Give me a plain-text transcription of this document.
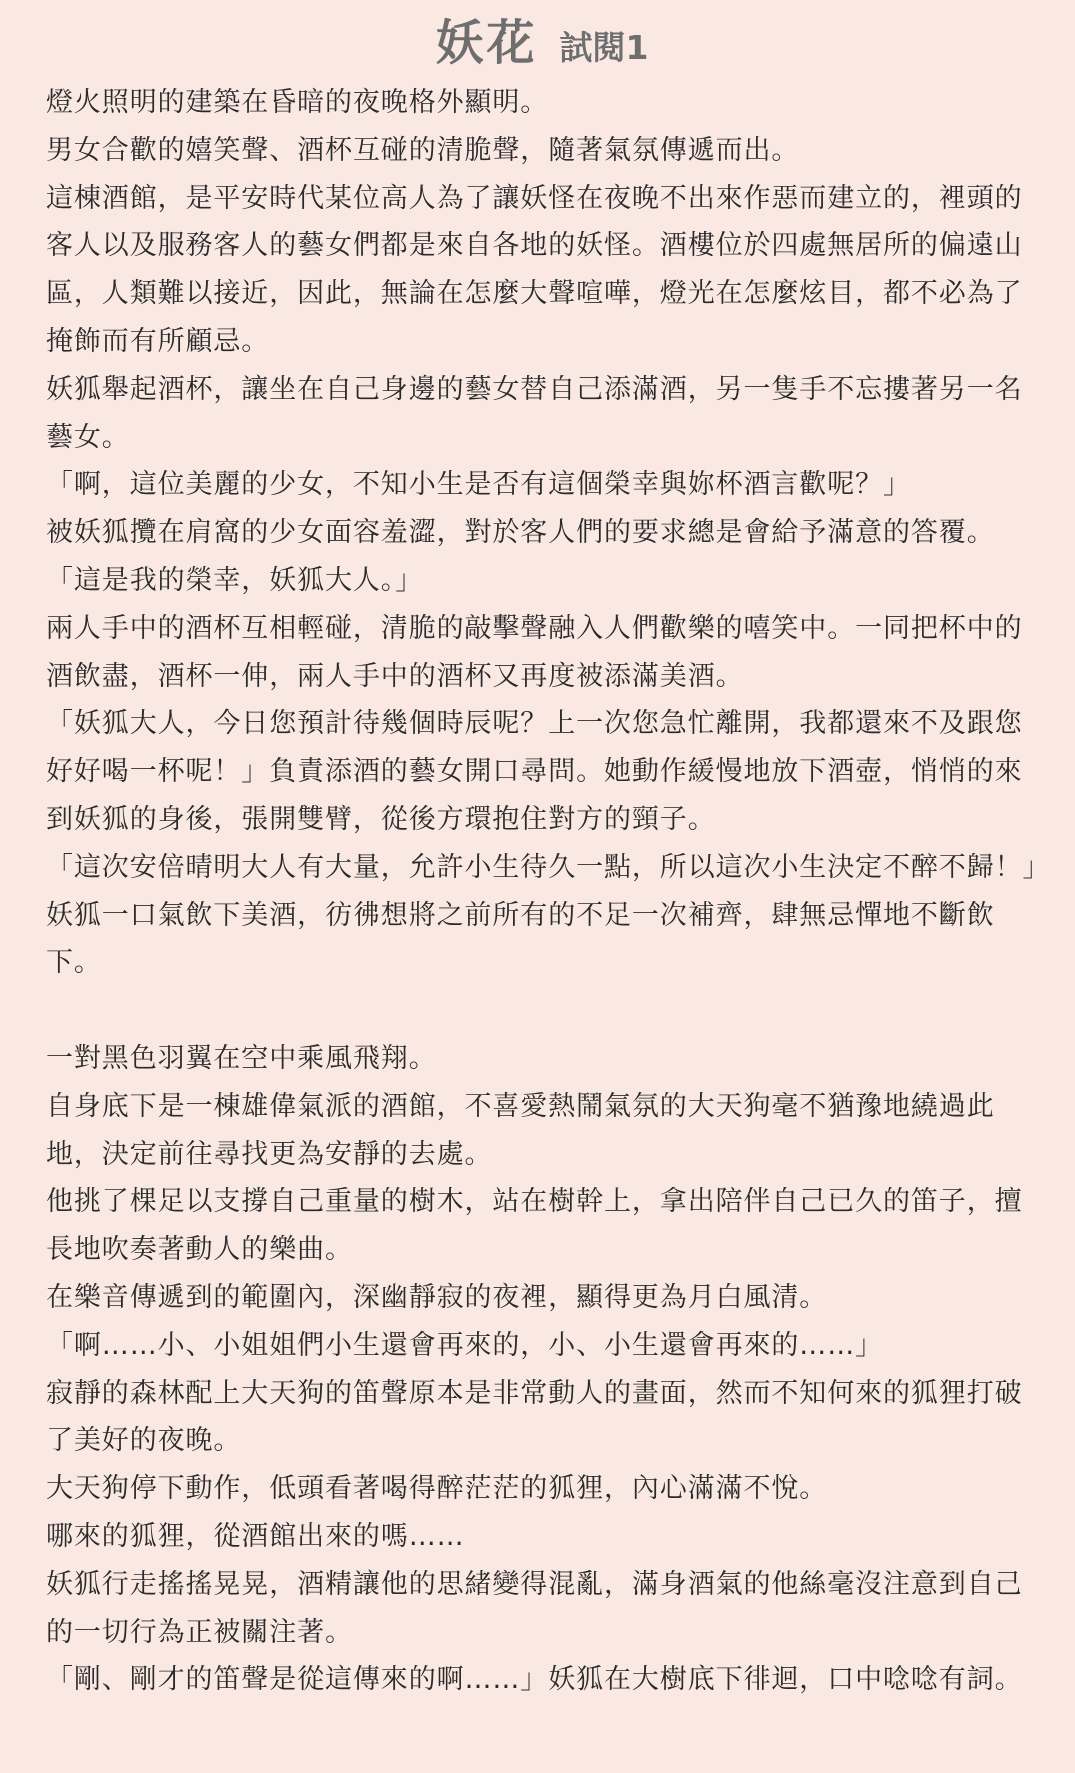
妖花 試閱1

燈火照明的建築在昏暗的夜晚格外顯明。

男女合歡的嬉笑聲、酒杯互碰的清脆聲，隨著氣氛傳遞而出。

這棟酒館，是平安時代某位高人為了讓妖怪在夜晚不出來作惡而建立的，裡頭的客人以及服務客人的藝女們都是來自各地的妖怪。酒樓位於四處無居所的偏遠山區，人類難以接近，因此，無論在怎麼大聲喧嘩，燈光在怎麼炫目，都不必為了掩飾而有所顧忌。

妖狐舉起酒杯，讓坐在自己身邊的藝女替自己添滿酒，另一隻手不忘摟著另一名藝女。

「啊，這位美麗的少女，不知小生是否有這個榮幸與妳杯酒言歡呢？」

被妖狐攬在肩窩的少女面容羞澀，對於客人們的要求總是會給予滿意的答覆。

「這是我的榮幸，妖狐大人。」

兩人手中的酒杯互相輕碰，清脆的敲擊聲融入人們歡樂的嘻笑中。一同把杯中的酒飲盡，酒杯一伸，兩人手中的酒杯又再度被添滿美酒。

「妖狐大人，今日您預計待幾個時辰呢？上一次您急忙離開，我都還來不及跟您好好喝一杯呢！」負責添酒的藝女開口尋問。她動作緩慢地放下酒壺，悄悄的來到妖狐的身後，張開雙臂，從後方環抱住對方的頸子。

「這次安倍晴明大人有大量，允許小生待久一點，所以這次小生決定不醉不歸！」妖狐一口氣飲下美酒，彷彿想將之前所有的不足一次補齊，肆無忌憚地不斷飲下。

一對黑色羽翼在空中乘風飛翔。

自身底下是一棟雄偉氣派的酒館，不喜愛熱鬧氣氛的大天狗毫不猶豫地繞過此地，決定前往尋找更為安靜的去處。

他挑了棵足以支撐自己重量的樹木，站在樹幹上，拿出陪伴自己已久的笛子，擅長地吹奏著動人的樂曲。

在樂音傳遞到的範圍內，深幽靜寂的夜裡，顯得更為月白風清。

「啊……小、小姐姐們小生還會再來的，小、小生還會再來的……」

寂靜的森林配上大天狗的笛聲原本是非常動人的畫面，然而不知何來的狐狸打破了美好的夜晚。

大天狗停下動作，低頭看著喝得醉茫茫的狐狸，內心滿滿不悅。

哪來的狐狸，從酒館出來的嗎……

妖狐行走搖搖晃晃，酒精讓他的思緒變得混亂，滿身酒氣的他絲毫沒注意到自己的一切行為正被關注著。

「剛、剛才的笛聲是從這傳來的啊……」妖狐在大樹底下徘迴，口中唸唸有詞。
